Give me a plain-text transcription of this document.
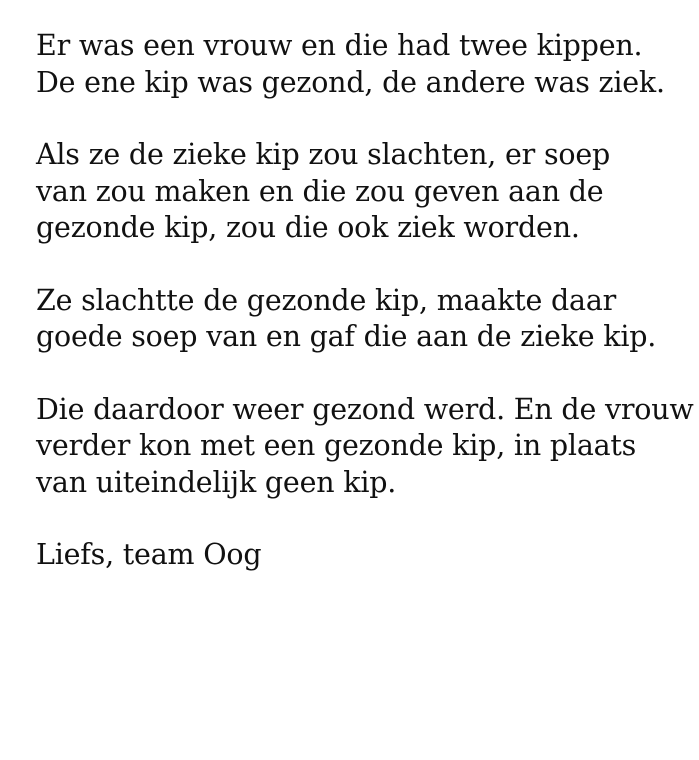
Er was een vrouw en die had twee kippen.
De ene kip was gezond, de andere was ziek.

Als ze de zieke kip zou slachten, er soep
van zou maken en die zou geven aan de
gezonde kip, zou die ook ziek worden.

Ze slachtte de gezonde kip, maakte daar
goede soep van en gaf die aan de zieke kip.

Die daardoor weer gezond werd. En de vrouw
verder kon met een gezonde kip, in plaats
van uiteindelijk geen kip.

Liefs, team Oog
